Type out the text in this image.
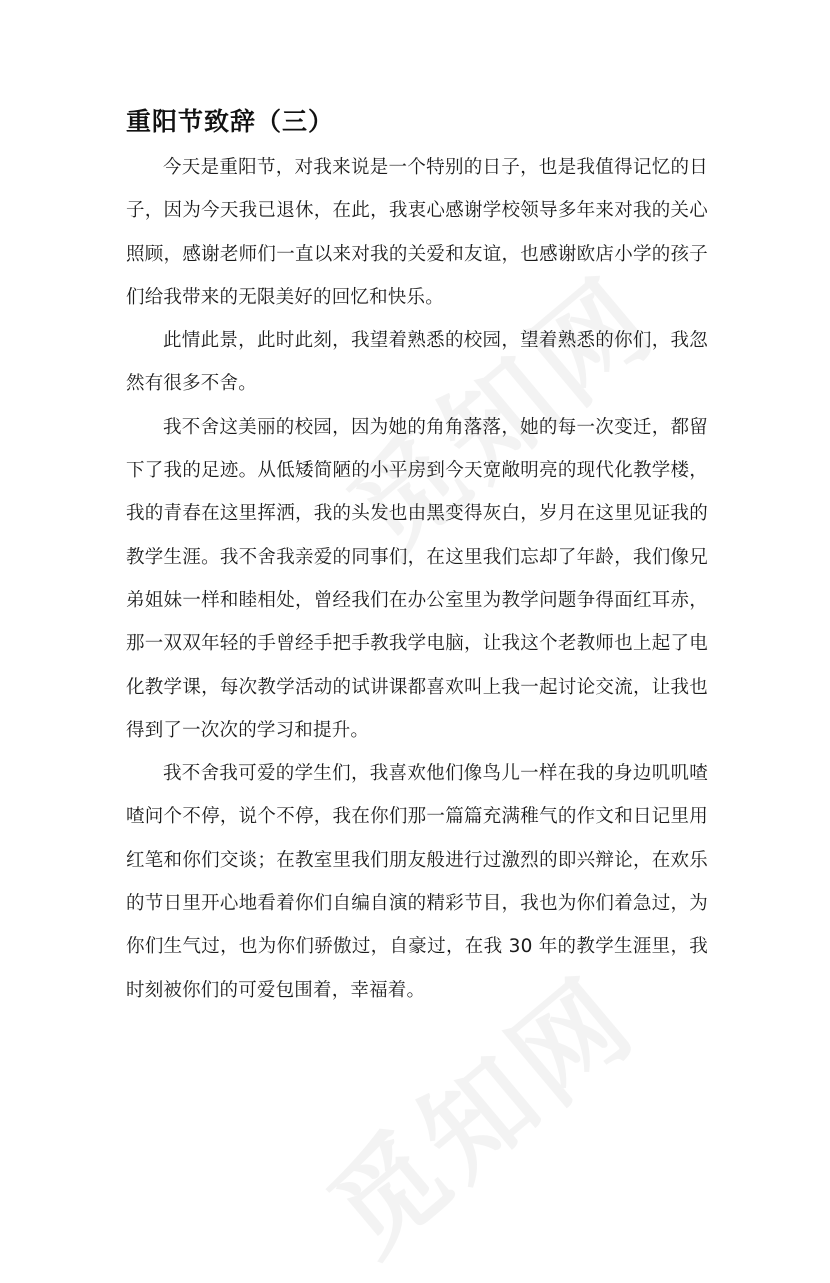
重阳节致辞（三）

今天是重阳节，对我来说是一个特别的日子，也是我值得记忆的日子，因为今天我已退休，在此，我衷心感谢学校领导多年来对我的关心照顾，感谢老师们一直以来对我的关爱和友谊，也感谢欧店小学的孩子们给我带来的无限美好的回忆和快乐。

此情此景，此时此刻，我望着熟悉的校园，望着熟悉的你们，我忽然有很多不舍。

我不舍这美丽的校园，因为她的角角落落，她的每一次变迁，都留下了我的足迹。从低矮简陋的小平房到今天宽敞明亮的现代化教学楼，我的青春在这里挥洒，我的头发也由黑变得灰白，岁月在这里见证我的教学生涯。我不舍我亲爱的同事们，在这里我们忘却了年龄，我们像兄弟姐妹一样和睦相处，曾经我们在办公室里为教学问题争得面红耳赤，那一双双年轻的手曾经手把手教我学电脑，让我这个老教师也上起了电化教学课，每次教学活动的试讲课都喜欢叫上我一起讨论交流，让我也得到了一次次的学习和提升。

我不舍我可爱的学生们，我喜欢他们像鸟儿一样在我的身边叽叽喳喳问个不停，说个不停，我在你们那一篇篇充满稚气的作文和日记里用红笔和你们交谈；在教室里我们朋友般进行过激烈的即兴辩论，在欢乐的节日里开心地看着你们自编自演的精彩节目，我也为你们着急过，为你们生气过，也为你们骄傲过，自豪过，在我 30 年的教学生涯里，我时刻被你们的可爱包围着，幸福着。
